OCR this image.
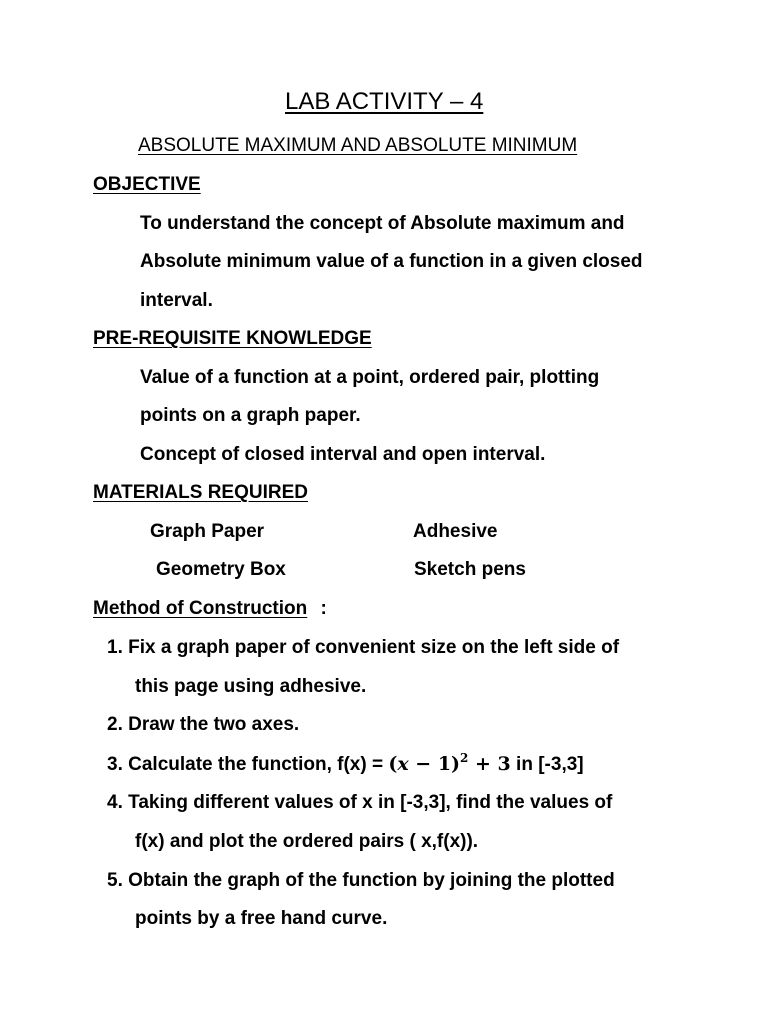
LAB ACTIVITY – 4
ABSOLUTE MAXIMUM AND ABSOLUTE MINIMUM
OBJECTIVE
To understand the concept of Absolute maximum and
Absolute minimum value of a function in a given closed
interval.
PRE-REQUISITE KNOWLEDGE
Value of a function at a point, ordered pair, plotting
points on a graph paper.
Concept of closed interval and open interval.
MATERIALS REQUIRED
Graph Paper	Adhesive
Geometry Box	Sketch pens
Method of Construction :
1. Fix a graph paper of convenient size on the left side of
this page using adhesive.
2. Draw the two axes.
3. Calculate the function, $f(x) = (x - 1)^2 + 3$ in [-3,3]
4. Taking different values of x in [-3,3], find the values of
f(x) and plot the ordered pairs ( x,f(x)).
5. Obtain the graph of the function by joining the plotted
points by a free hand curve.
